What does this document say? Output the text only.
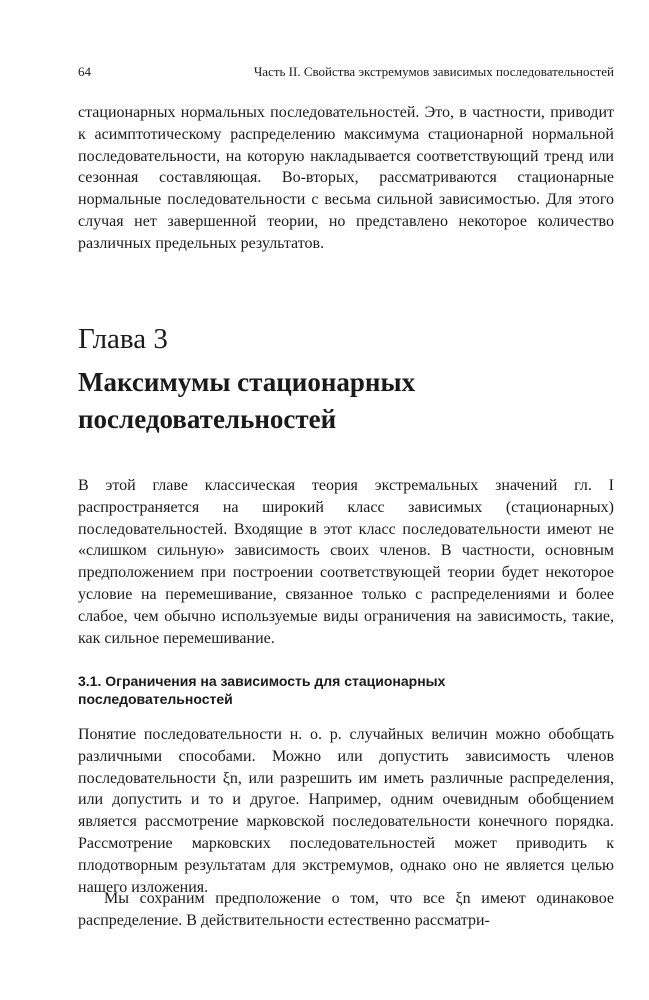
64	Часть II. Свойства экстремумов зависимых последовательностей

стационарных нормальных последовательностей. Это, в частности, приводит к асимптотическому распределению максимума стационарной нормальной последовательности, на которую накладывается соответствующий тренд или сезонная составляющая. Во-вторых, рассматриваются стационарные нормальные последовательности с весьма сильной зависимостью. Для этого случая нет завершенной теории, но представлено некоторое количество различных предельных результатов.

Глава 3
Максимумы стационарных последовательностей

В этой главе классическая теория экстремальных значений гл. I распространяется на широкий класс зависимых (стационарных) последовательностей. Входящие в этот класс последовательности имеют не «слишком сильную» зависимость своих членов. В частности, основным предположением при построении соответствующей теории будет некоторое условие на перемешивание, связанное только с распределениями и более слабое, чем обычно используемые виды ограничения на зависимость, такие, как сильное перемешивание.

3.1. Ограничения на зависимость для стационарных последовательностей

Понятие последовательности н. о. р. случайных величин можно обобщать различными способами. Можно или допустить зависимость членов последовательности ξn, или разрешить им иметь различные распределения, или допустить и то и другое. Например, одним очевидным обобщением является рассмотрение марковской последовательности конечного порядка. Рассмотрение марковских последовательностей может приводить к плодотворным результатам для экстремумов, однако оно не является целью нашего изложения.

Мы сохраним предположение о том, что все ξn имеют одинаковое распределение. В действительности естественно рассматри-
